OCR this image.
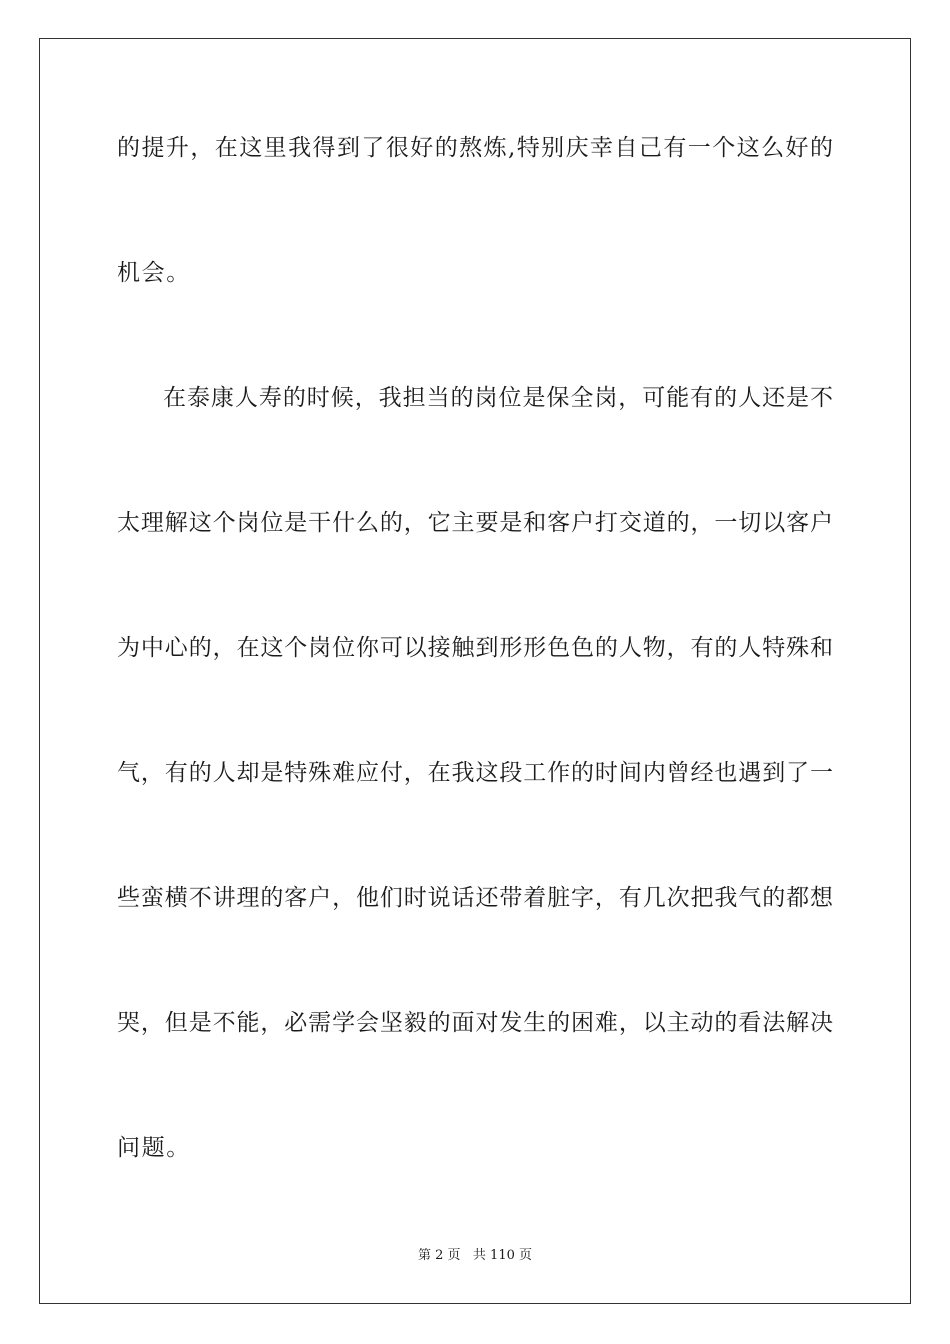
的提升，在这里我得到了很好的熬炼,特别庆幸自己有一个这么好的
机会。
在泰康人寿的时候，我担当的岗位是保全岗，可能有的人还是不
太理解这个岗位是干什么的，它主要是和客户打交道的，一切以客户
为中心的，在这个岗位你可以接触到形形色色的人物，有的人特殊和
气，有的人却是特殊难应付，在我这段工作的时间内曾经也遇到了一
些蛮横不讲理的客户，他们时说话还带着脏字，有几次把我气的都想
哭，但是不能，必需学会坚毅的面对发生的困难，以主动的看法解决
问题。
第 2 页   共 110 页
